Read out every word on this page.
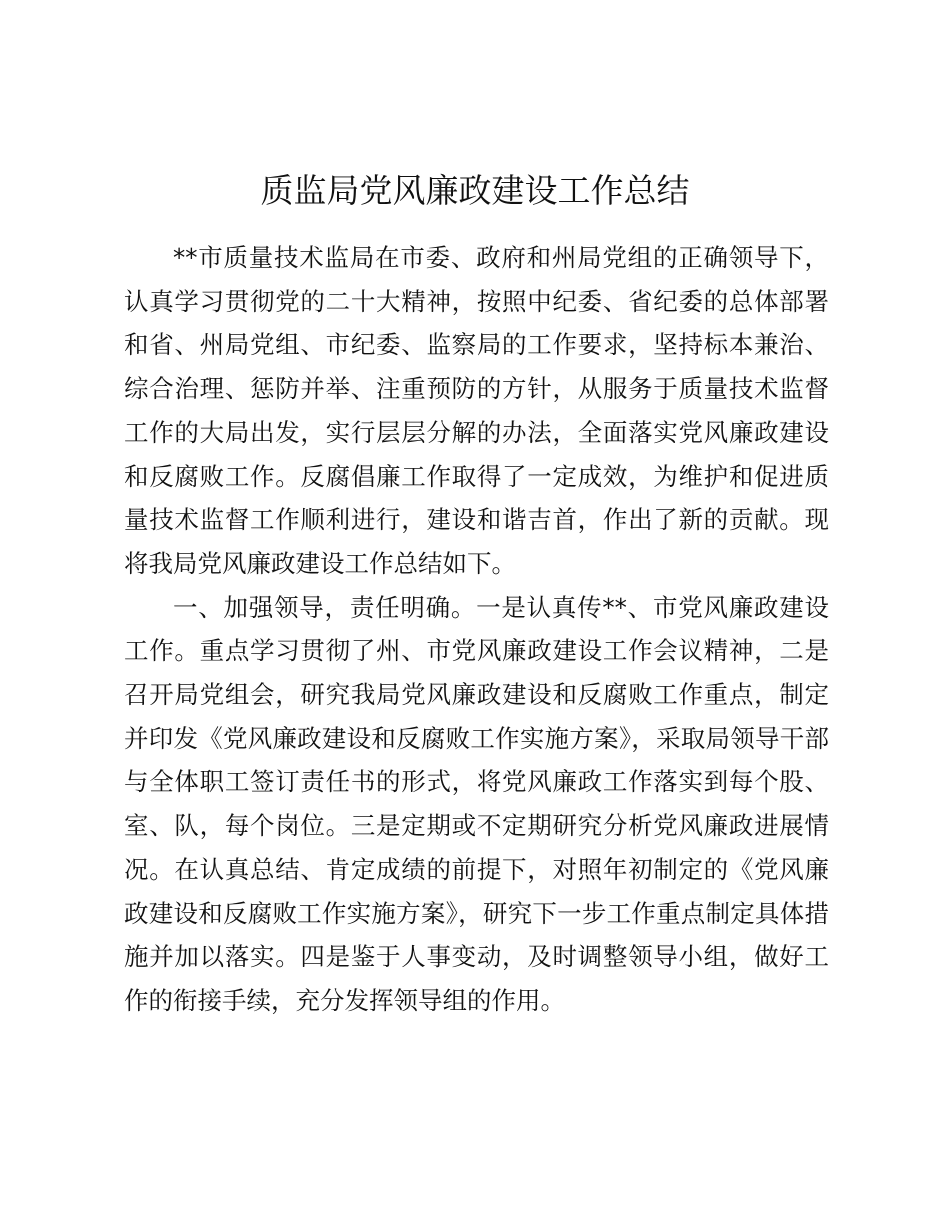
质监局党风廉政建设工作总结

**市质量技术监局在市委、政府和州局党组的正确领导下，认真学习贯彻党的二十大精神，按照中纪委、省纪委的总体部署和省、州局党组、市纪委、监察局的工作要求，坚持标本兼治、综合治理、惩防并举、注重预防的方针，从服务于质量技术监督工作的大局出发，实行层层分解的办法，全面落实党风廉政建设和反腐败工作。反腐倡廉工作取得了一定成效，为维护和促进质量技术监督工作顺利进行，建设和谐吉首，作出了新的贡献。现将我局党风廉政建设工作总结如下。

一、加强领导，责任明确。一是认真传**、市党风廉政建设工作。重点学习贯彻了州、市党风廉政建设工作会议精神，二是召开局党组会，研究我局党风廉政建设和反腐败工作重点，制定并印发《党风廉政建设和反腐败工作实施方案》，采取局领导干部与全体职工签订责任书的形式，将党风廉政工作落实到每个股、室、队，每个岗位。三是定期或不定期研究分析党风廉政进展情况。在认真总结、肯定成绩的前提下，对照年初制定的《党风廉政建设和反腐败工作实施方案》，研究下一步工作重点制定具体措施并加以落实。四是鉴于人事变动，及时调整领导小组，做好工作的衔接手续，充分发挥领导组的作用。
